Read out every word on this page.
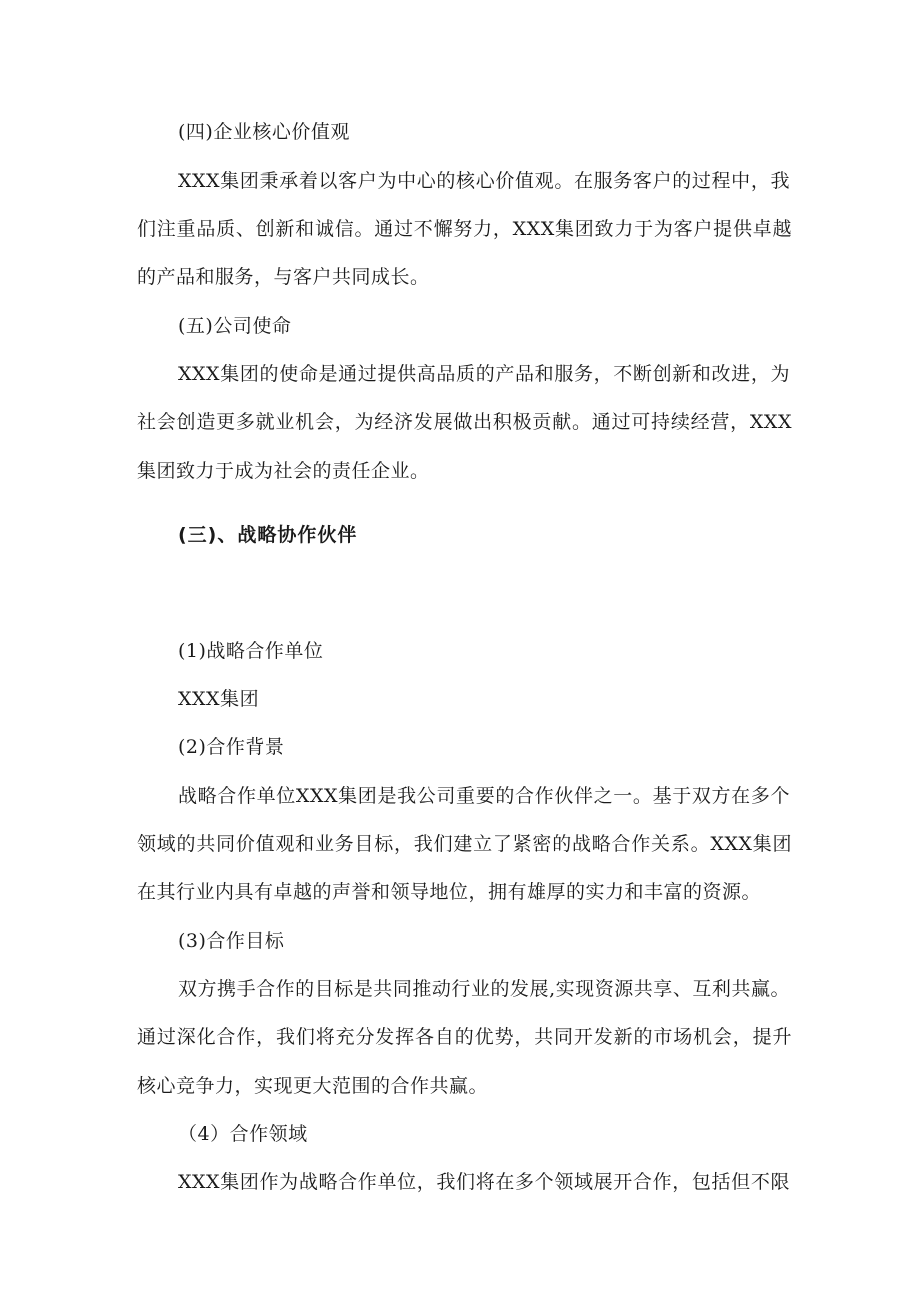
(四)企业核心价值观
XXX集团秉承着以客户为中心的核心价值观。在服务客户的过程中，我
们注重品质、创新和诚信。通过不懈努力，XXX集团致力于为客户提供卓越
的产品和服务，与客户共同成长。
(五)公司使命
XXX集团的使命是通过提供高品质的产品和服务，不断创新和改进，为
社会创造更多就业机会，为经济发展做出积极贡献。通过可持续经营，XXX
集团致力于成为社会的责任企业。
(三)、战略协作伙伴
(1)战略合作单位
XXX集团
(2)合作背景
战略合作单位XXX集团是我公司重要的合作伙伴之一。基于双方在多个
领域的共同价值观和业务目标，我们建立了紧密的战略合作关系。XXX集团
在其行业内具有卓越的声誉和领导地位，拥有雄厚的实力和丰富的资源。
(3)合作目标
双方携手合作的目标是共同推动行业的发展,实现资源共享、互利共赢。
通过深化合作，我们将充分发挥各自的优势，共同开发新的市场机会，提升
核心竞争力，实现更大范围的合作共赢。
（4）合作领域
XXX集团作为战略合作单位，我们将在多个领域展开合作，包括但不限
